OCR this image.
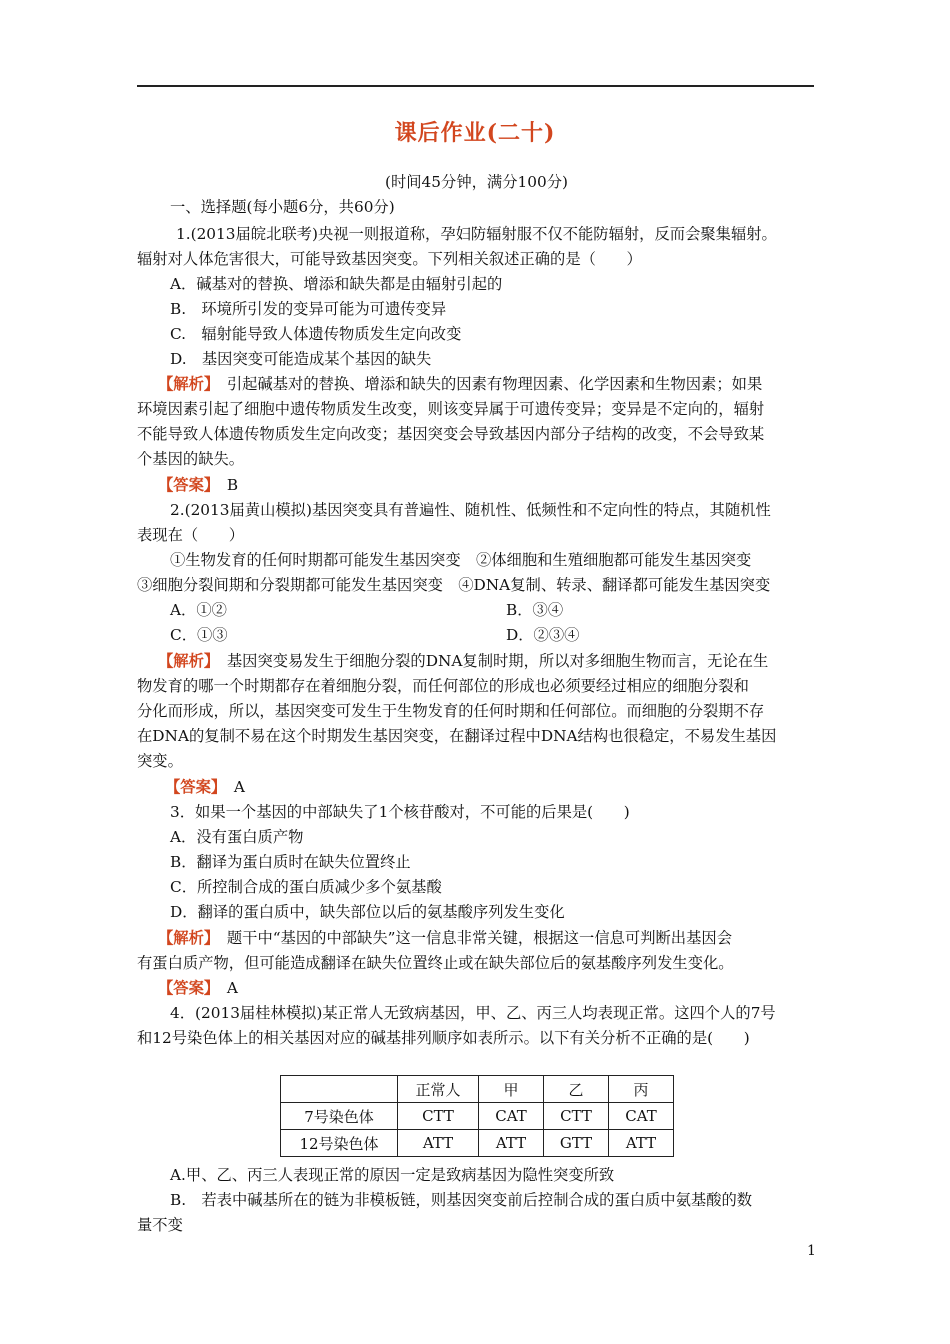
课后作业(二十)
(时间45分钟，满分100分)
一、选择题(每小题6分，共60分)
1.(2013届皖北联考)央视一则报道称，孕妇防辐射服不仅不能防辐射，反而会聚集辐射。
辐射对人体危害很大，可能导致基因突变。下列相关叙述正确的是（　　）
A．碱基对的替换、增添和缺失都是由辐射引起的
B.　环境所引发的变异可能为可遗传变异
C.　辐射能导致人体遗传物质发生定向改变
D.　基因突变可能造成某个基因的缺失
【解析】　引起碱基对的替换、增添和缺失的因素有物理因素、化学因素和生物因素；如果
环境因素引起了细胞中遗传物质发生改变，则该变异属于可遗传变异；变异是不定向的，辐射
不能导致人体遗传物质发生定向改变；基因突变会导致基因内部分子结构的改变，不会导致某
个基因的缺失。
【答案】　B
2.(2013届黄山模拟)基因突变具有普遍性、随机性、低频性和不定向性的特点，其随机性
表现在（　　）
①生物发育的任何时期都可能发生基因突变　②体细胞和生殖细胞都可能发生基因突变
③细胞分裂间期和分裂期都可能发生基因突变　④DNA复制、转录、翻译都可能发生基因突变
A．①②	B．③④
C．①③	D．②③④
【解析】　基因突变易发生于细胞分裂的DNA复制时期，所以对多细胞生物而言，无论在生
物发育的哪一个时期都存在着细胞分裂，而任何部位的形成也必须要经过相应的细胞分裂和
分化而形成，所以，基因突变可发生于生物发育的任何时期和任何部位。而细胞的分裂期不存
在DNA的复制不易在这个时期发生基因突变，在翻译过程中DNA结构也很稳定，不易发生基因
突变。
【答案】　A
3．如果一个基因的中部缺失了1个核苷酸对，不可能的后果是(　　)
A．没有蛋白质产物
B．翻译为蛋白质时在缺失位置终止
C．所控制合成的蛋白质减少多个氨基酸
D．翻译的蛋白质中，缺失部位以后的氨基酸序列发生变化
【解析】　题干中“基因的中部缺失”这一信息非常关键，根据这一信息可判断出基因会
有蛋白质产物，但可能造成翻译在缺失位置终止或在缺失部位后的氨基酸序列发生变化。
【答案】　A
4．(2013届桂林模拟)某正常人无致病基因，甲、乙、丙三人均表现正常。这四个人的7号
和12号染色体上的相关基因对应的碱基排列顺序如表所示。以下有关分析不正确的是(　　)
	正常人	甲	乙	丙
7号染色体	CTT	CAT	CTT	CAT
12号染色体	ATT	ATT	GTT	ATT
A.甲、乙、丙三人表现正常的原因一定是致病基因为隐性突变所致
B.　若表中碱基所在的链为非模板链，则基因突变前后控制合成的蛋白质中氨基酸的数
量不变
1
